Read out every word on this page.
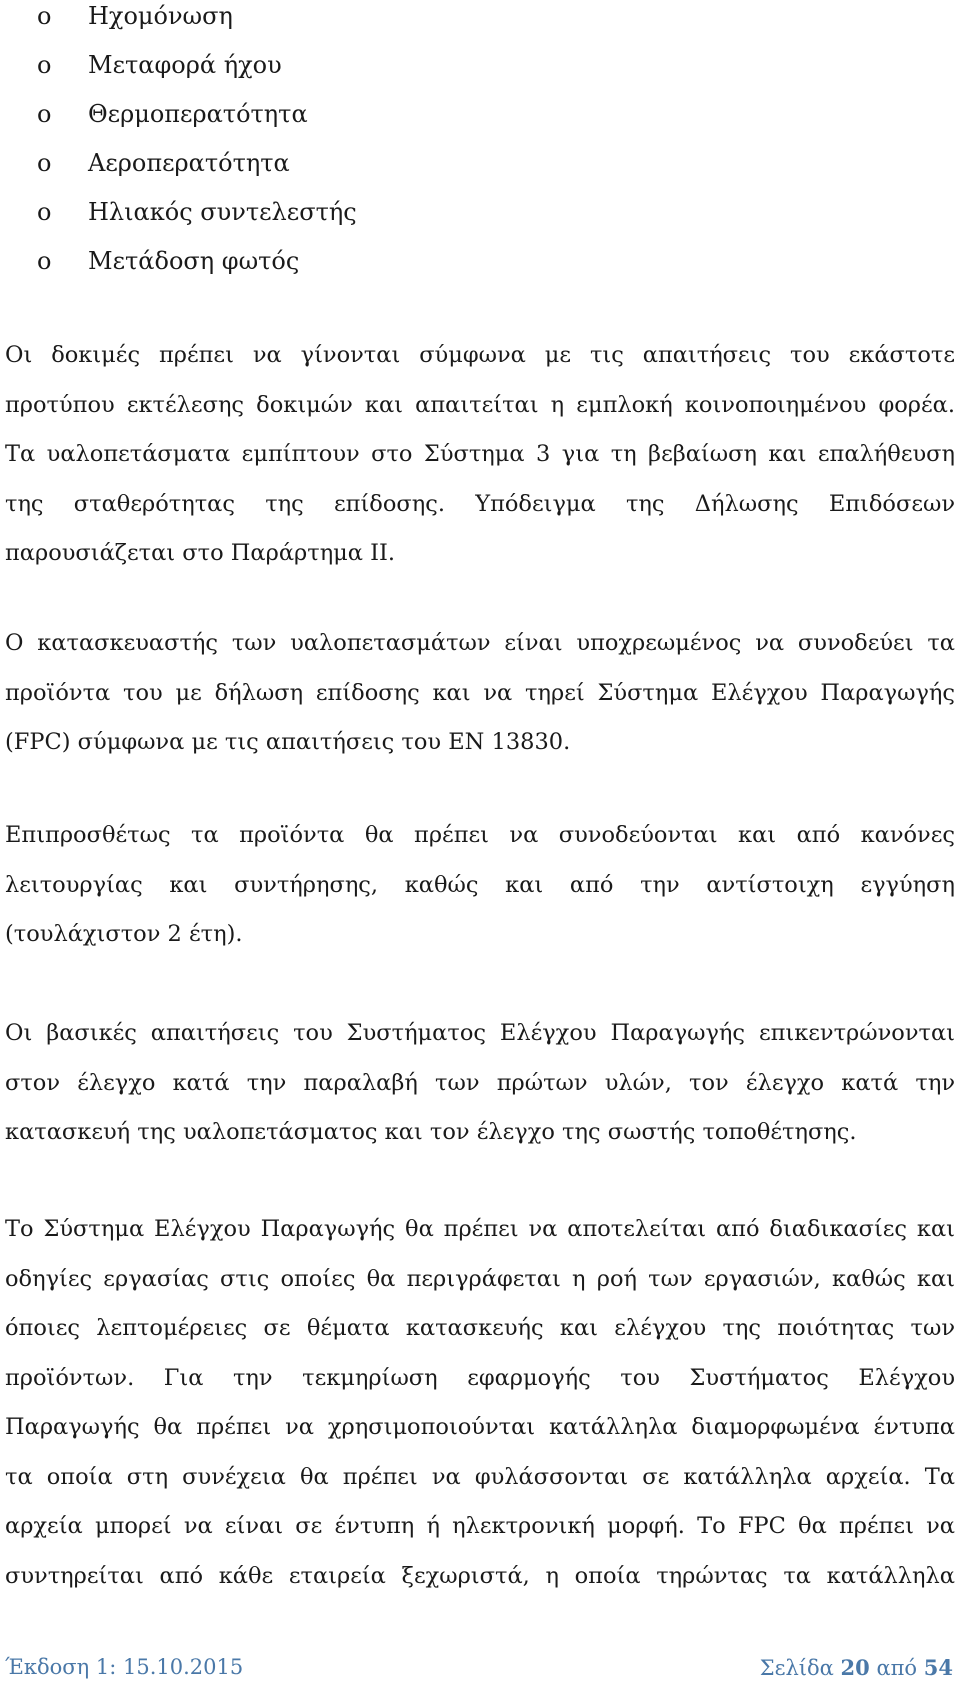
o Ηχομόνωση
o Μεταφορά ήχου
o Θερμοπερατότητα
o Αεροπερατότητα
o Ηλιακός συντελεστής
o Μετάδοση φωτός

Οι δοκιμές πρέπει να γίνονται σύμφωνα με τις απαιτήσεις του εκάστοτε
προτύπου εκτέλεσης δοκιμών και απαιτείται η εμπλοκή κοινοποιημένου φορέα.
Τα υαλοπετάσματα εμπίπτουν στο Σύστημα 3 για τη βεβαίωση και επαλήθευση
της σταθερότητας της επίδοσης. Υπόδειγμα της Δήλωσης Επιδόσεων
παρουσιάζεται στο Παράρτημα ΙΙ.

Ο κατασκευαστής των υαλοπετασμάτων είναι υποχρεωμένος να συνοδεύει τα
προϊόντα του με δήλωση επίδοσης και να τηρεί Σύστημα Ελέγχου Παραγωγής
(FPC) σύμφωνα με τις απαιτήσεις του ΕΝ 13830.

Επιπροσθέτως τα προϊόντα θα πρέπει να συνοδεύονται και από κανόνες
λειτουργίας και συντήρησης, καθώς και από την αντίστοιχη εγγύηση
(τουλάχιστον 2 έτη).

Οι βασικές απαιτήσεις του Συστήματος Ελέγχου Παραγωγής επικεντρώνονται
στον έλεγχο κατά την παραλαβή των πρώτων υλών, τον έλεγχο κατά την
κατασκευή της υαλοπετάσματος και τον έλεγχο της σωστής τοποθέτησης.

Το Σύστημα Ελέγχου Παραγωγής θα πρέπει να αποτελείται από διαδικασίες και
οδηγίες εργασίας στις οποίες θα περιγράφεται η ροή των εργασιών, καθώς και
όποιες λεπτομέρειες σε θέματα κατασκευής και ελέγχου της ποιότητας των
προϊόντων. Για την τεκμηρίωση εφαρμογής του Συστήματος Ελέγχου
Παραγωγής θα πρέπει να χρησιμοποιούνται κατάλληλα διαμορφωμένα έντυπα
τα οποία στη συνέχεια θα πρέπει να φυλάσσονται σε κατάλληλα αρχεία. Τα
αρχεία μπορεί να είναι σε έντυπη ή ηλεκτρονική μορφή. Το FPC θα πρέπει να
συντηρείται από κάθε εταιρεία ξεχωριστά, η οποία τηρώντας τα κατάλληλα

Έκδοση 1: 15.10.2015	Σελίδα 20 από 54
